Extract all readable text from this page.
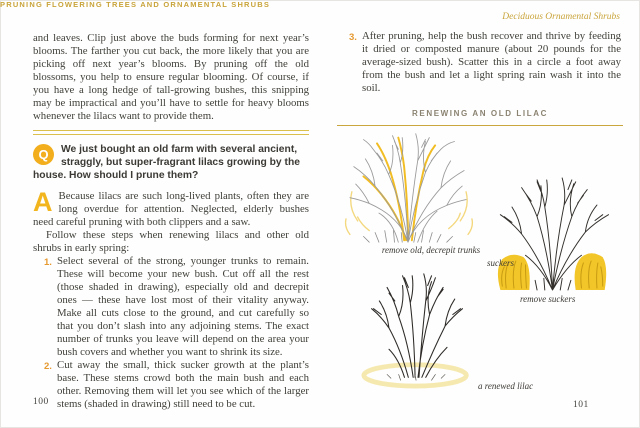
PRUNING FLOWERING TREES AND ORNAMENTAL SHRUBS
and leaves. Clip just above the buds forming for next year’s blooms. The farther you cut back, the more likely that you are picking off next year’s blooms. By pruning off the old blossoms, you help to ensure regular blooming. Of course, if you have a long hedge of tall-growing bushes, this snipping may be impractical and you’ll have to settle for heavy blooms whenever the lilacs want to provide them.
Q	We just bought an old farm with several ancient, straggly, but super-fragrant lilacs growing by the house. How should I prune them?
A Because lilacs are such long-lived plants, often they are long overdue for attention. Neglected, elderly bushes need careful pruning with both clippers and a saw.
Follow these steps when renewing lilacs and other old shrubs in early spring:
1. Select several of the strong, younger trunks to remain. These will become your new bush. Cut off all the rest (those shaded in drawing), especially old and decrepit ones — these have lost most of their vitality anyway. Make all cuts close to the ground, and cut carefully so that you don’t slash into any adjoining stems. The exact number of trunks you leave will depend on the area your bush covers and whether you want to shrink its size.
2. Cut away the small, thick sucker growth at the plant’s base. These stems crowd both the main bush and each other. Removing them will let you see which of the larger stems (shaded in drawing) still need to be cut.
100
Deciduous Ornamental Shrubs
3. After pruning, help the bush recover and thrive by feeding it dried or composted manure (about 20 pounds for the average-sized bush). Scatter this in a circle a foot away from the bush and let a light spring rain wash it into the soil.
RENEWING AN OLD LILAC
remove old, decrepit trunks
suckers
remove suckers
a renewed lilac
101
